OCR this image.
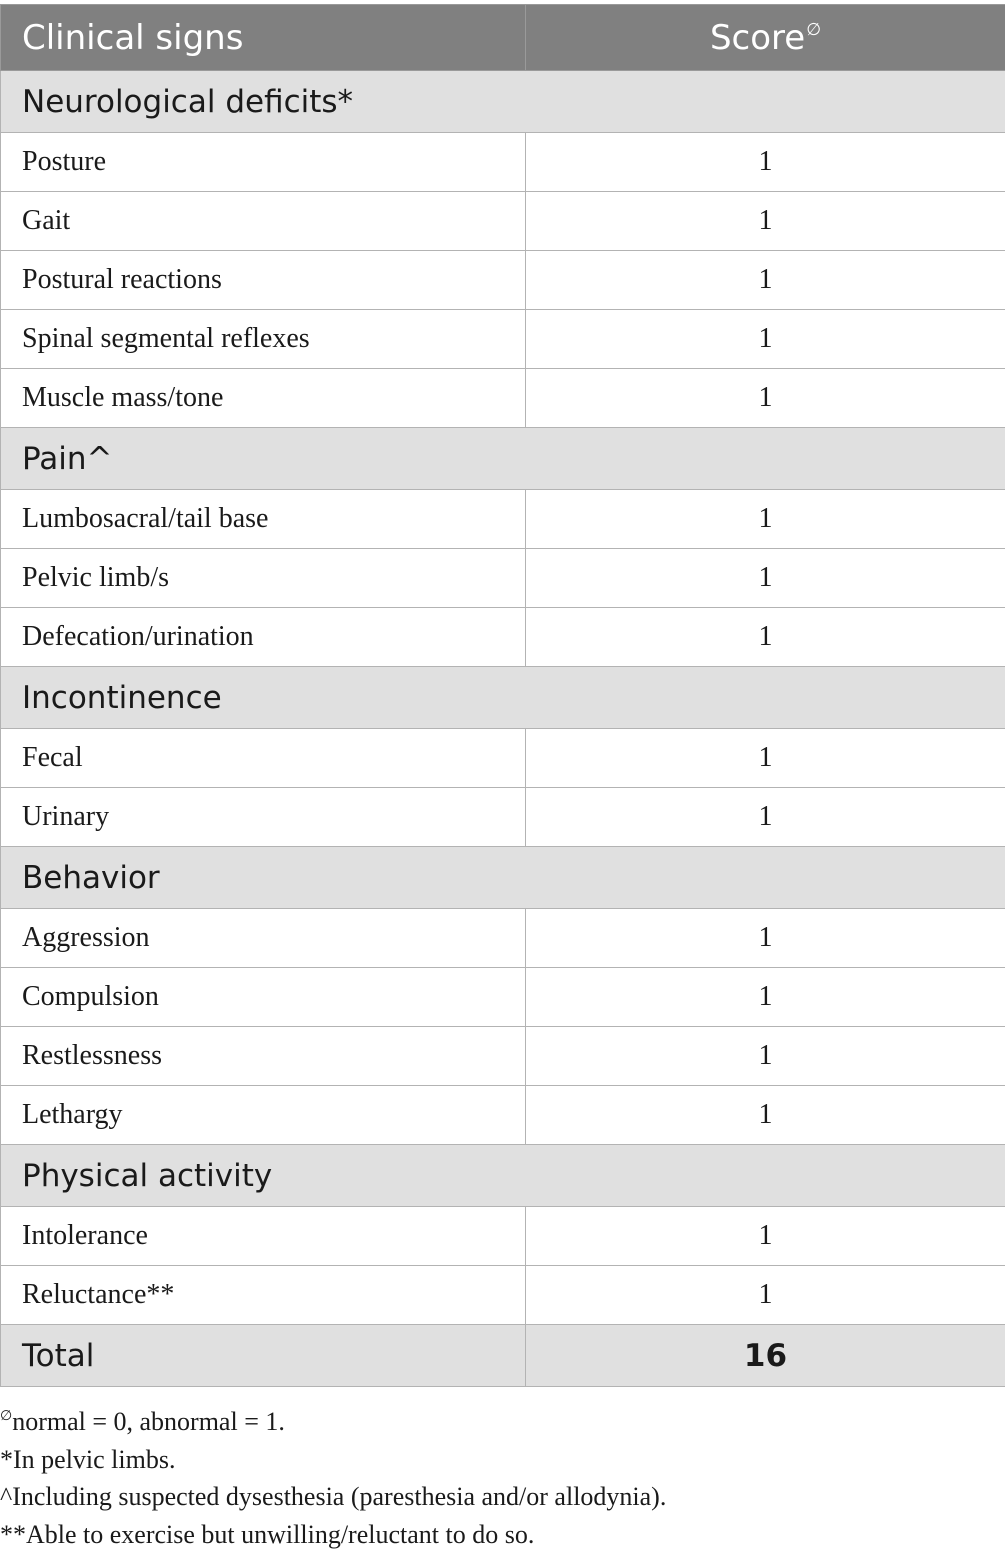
Clinical signs	Score∅
Neurological deficits*	
Posture	1
Gait	1
Postural reactions	1
Spinal segmental reflexes	1
Muscle mass/tone	1
Pain^	
Lumbosacral/tail base	1
Pelvic limb/s	1
Defecation/urination	1
Incontinence	
Fecal	1
Urinary	1
Behavior	
Aggression	1
Compulsion	1
Restlessness	1
Lethargy	1
Physical activity	
Intolerance	1
Reluctance**	1
Total	16
∅normal = 0, abnormal = 1.
*In pelvic limbs.
^Including suspected dysesthesia (paresthesia and/or allodynia).
**Able to exercise but unwilling/reluctant to do so.
